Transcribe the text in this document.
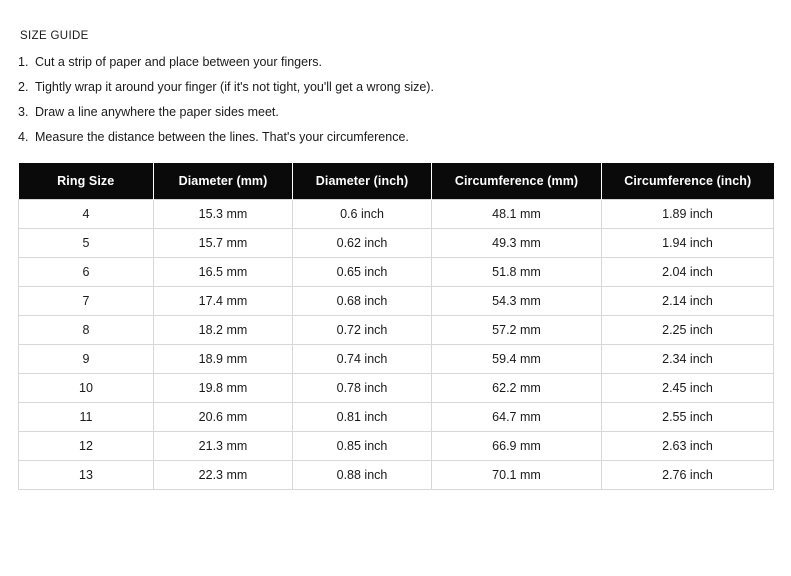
SIZE GUIDE
1. Cut a strip of paper and place between your fingers.
2. Tightly wrap it around your finger (if it's not tight, you'll get a wrong size).
3. Draw a line anywhere the paper sides meet.
4. Measure the distance between the lines. That's your circumference.
Ring Size	Diameter (mm)	Diameter (inch)	Circumference (mm)	Circumference (inch)
4	15.3 mm	0.6 inch	48.1 mm	1.89 inch
5	15.7 mm	0.62 inch	49.3 mm	1.94 inch
6	16.5 mm	0.65 inch	51.8 mm	2.04 inch
7	17.4 mm	0.68 inch	54.3 mm	2.14 inch
8	18.2 mm	0.72 inch	57.2 mm	2.25 inch
9	18.9 mm	0.74 inch	59.4 mm	2.34 inch
10	19.8 mm	0.78 inch	62.2 mm	2.45 inch
11	20.6 mm	0.81 inch	64.7 mm	2.55 inch
12	21.3 mm	0.85 inch	66.9 mm	2.63 inch
13	22.3 mm	0.88 inch	70.1 mm	2.76 inch
